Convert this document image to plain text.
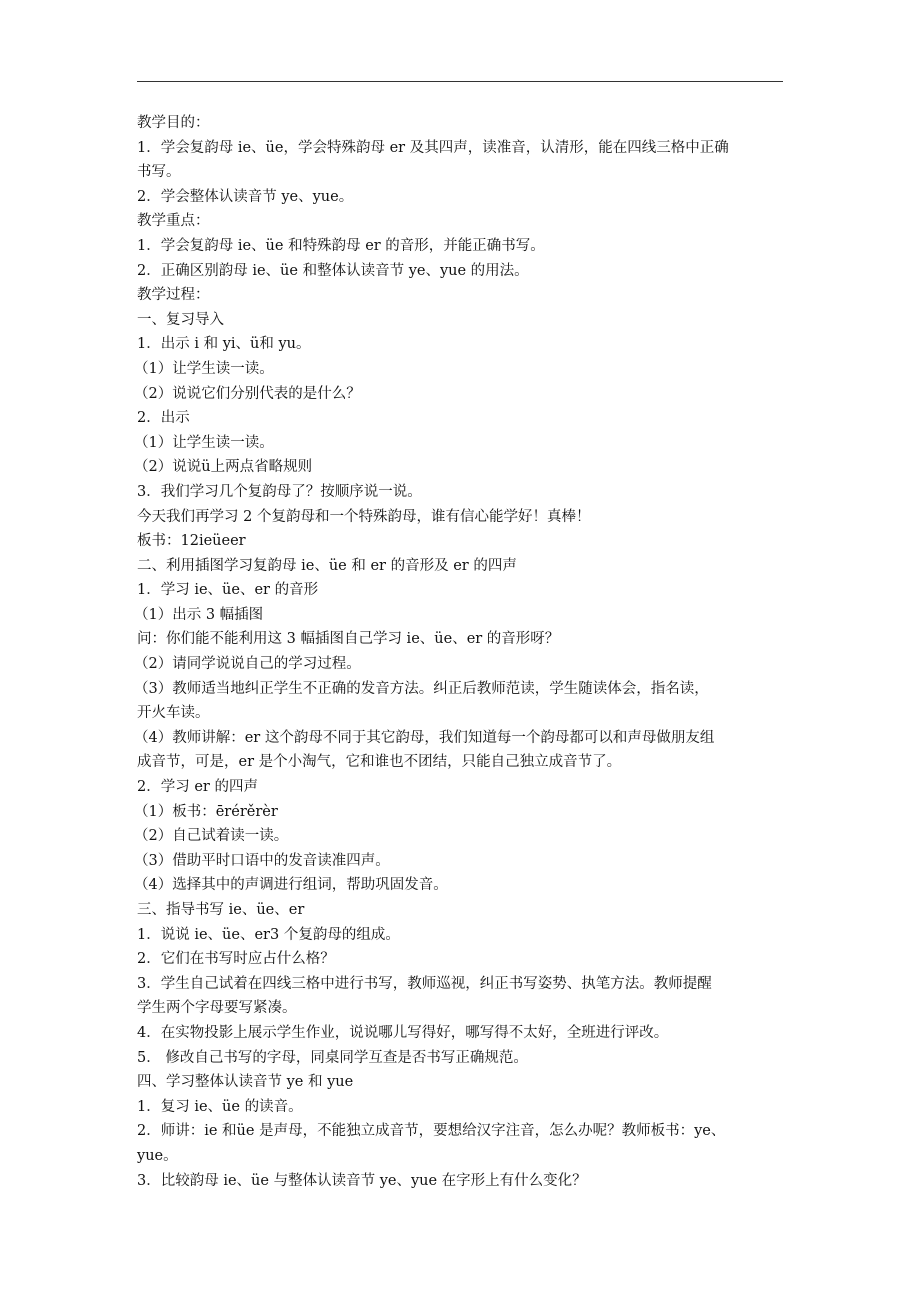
教学目的：

1．学会复韵母 ie、üe，学会特殊韵母 er 及其四声，读准音，认清形，能在四线三格中正确

书写。

2．学会整体认读音节 ye、yue。

教学重点：

1．学会复韵母 ie、üe 和特殊韵母 er 的音形，并能正确书写。

2．正确区别韵母 ie、üe 和整体认读音节 ye、yue 的用法。

教学过程：

一、复习导入

1．出示 i 和 yi、ü和 yu。

（1）让学生读一读。

（2）说说它们分别代表的是什么？

2．出示

（1）让学生读一读。

（2）说说ü上两点省略规则

3．我们学习几个复韵母了？按顺序说一说。

今天我们再学习 2 个复韵母和一个特殊韵母，谁有信心能学好！真棒！

板书：12ieüeer

二、利用插图学习复韵母 ie、üe 和 er 的音形及 er 的四声

1．学习 ie、üe、er 的音形

（1）出示 3 幅插图

问：你们能不能利用这 3 幅插图自己学习 ie、üe、er 的音形呀？

（2）请同学说说自己的学习过程。

（3）教师适当地纠正学生不正确的发音方法。纠正后教师范读，学生随读体会，指名读，

开火车读。

（4）教师讲解：er 这个韵母不同于其它韵母，我们知道每一个韵母都可以和声母做朋友组

成音节，可是，er 是个小淘气，它和谁也不团结，只能自己独立成音节了。

2．学习 er 的四声

（1）板书：ērérěrèr

（2）自己试着读一读。

（3）借助平时口语中的发音读准四声。

（4）选择其中的声调进行组词，帮助巩固发音。

三、指导书写 ie、üe、er

1．说说 ie、üe、er3 个复韵母的组成。

2．它们在书写时应占什么格？

3．学生自己试着在四线三格中进行书写，教师巡视，纠正书写姿势、执笔方法。教师提醒

学生两个字母要写紧凑。

4．在实物投影上展示学生作业，说说哪儿写得好，哪写得不太好，全班进行评改。

5． 修改自己书写的字母，同桌同学互查是否书写正确规范。

四、学习整体认读音节 ye 和 yue

1．复习 ie、üe 的读音。

2．师讲：ie 和üe 是声母，不能独立成音节，要想给汉字注音，怎么办呢？教师板书：ye、

yue。

3．比较韵母 ie、üe 与整体认读音节 ye、yue 在字形上有什么变化？
